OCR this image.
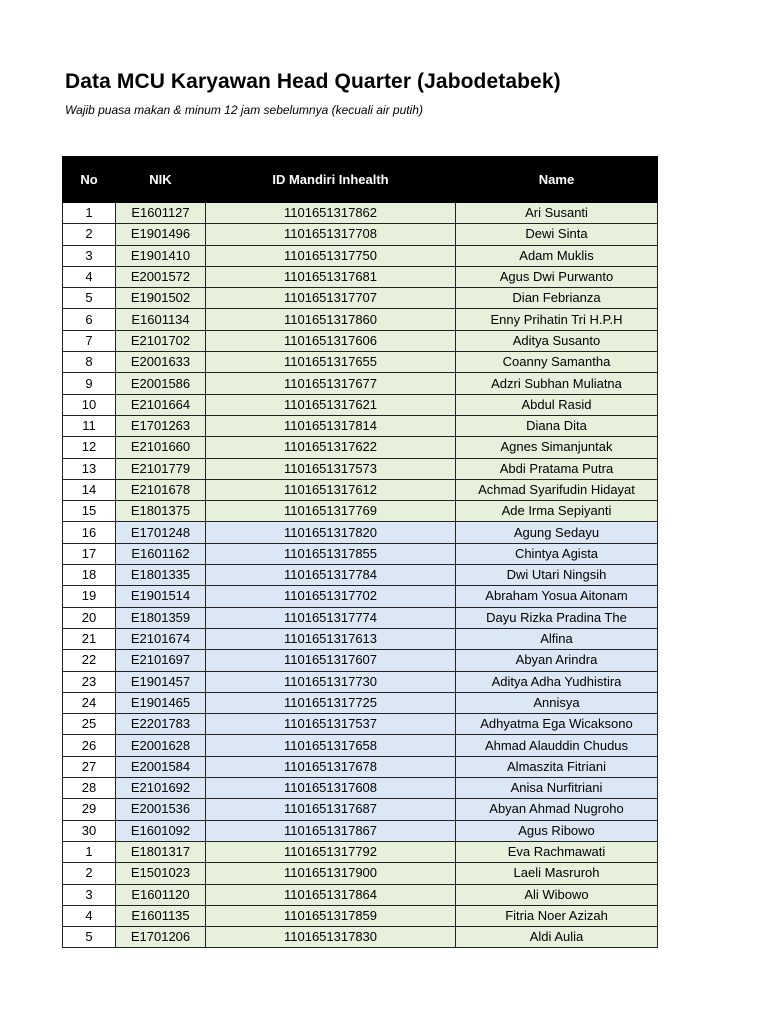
Data MCU Karyawan Head Quarter (Jabodetabek)
Wajib puasa makan & minum 12 jam sebelumnya (kecuali air putih)
No	NIK	ID Mandiri Inhealth	Name
1	E1601127	1101651317862	Ari Susanti
2	E1901496	1101651317708	Dewi Sinta
3	E1901410	1101651317750	Adam Muklis
4	E2001572	1101651317681	Agus Dwi Purwanto
5	E1901502	1101651317707	Dian Febrianza
6	E1601134	1101651317860	Enny Prihatin Tri H.P.H
7	E2101702	1101651317606	Aditya Susanto
8	E2001633	1101651317655	Coanny Samantha
9	E2001586	1101651317677	Adzri Subhan Muliatna
10	E2101664	1101651317621	Abdul Rasid
11	E1701263	1101651317814	Diana Dita
12	E2101660	1101651317622	Agnes Simanjuntak
13	E2101779	1101651317573	Abdi Pratama Putra
14	E2101678	1101651317612	Achmad Syarifudin Hidayat
15	E1801375	1101651317769	Ade Irma Sepiyanti
16	E1701248	1101651317820	Agung Sedayu
17	E1601162	1101651317855	Chintya Agista
18	E1801335	1101651317784	Dwi Utari Ningsih
19	E1901514	1101651317702	Abraham Yosua Aitonam
20	E1801359	1101651317774	Dayu Rizka Pradina The
21	E2101674	1101651317613	Alfina
22	E2101697	1101651317607	Abyan Arindra
23	E1901457	1101651317730	Aditya Adha Yudhistira
24	E1901465	1101651317725	Annisya
25	E2201783	1101651317537	Adhyatma Ega Wicaksono
26	E2001628	1101651317658	Ahmad Alauddin Chudus
27	E2001584	1101651317678	Almaszita Fitriani
28	E2101692	1101651317608	Anisa Nurfitriani
29	E2001536	1101651317687	Abyan Ahmad Nugroho
30	E1601092	1101651317867	Agus Ribowo
1	E1801317	1101651317792	Eva Rachmawati
2	E1501023	1101651317900	Laeli Masruroh
3	E1601120	1101651317864	Ali Wibowo
4	E1601135	1101651317859	Fitria Noer Azizah
5	E1701206	1101651317830	Aldi Aulia
